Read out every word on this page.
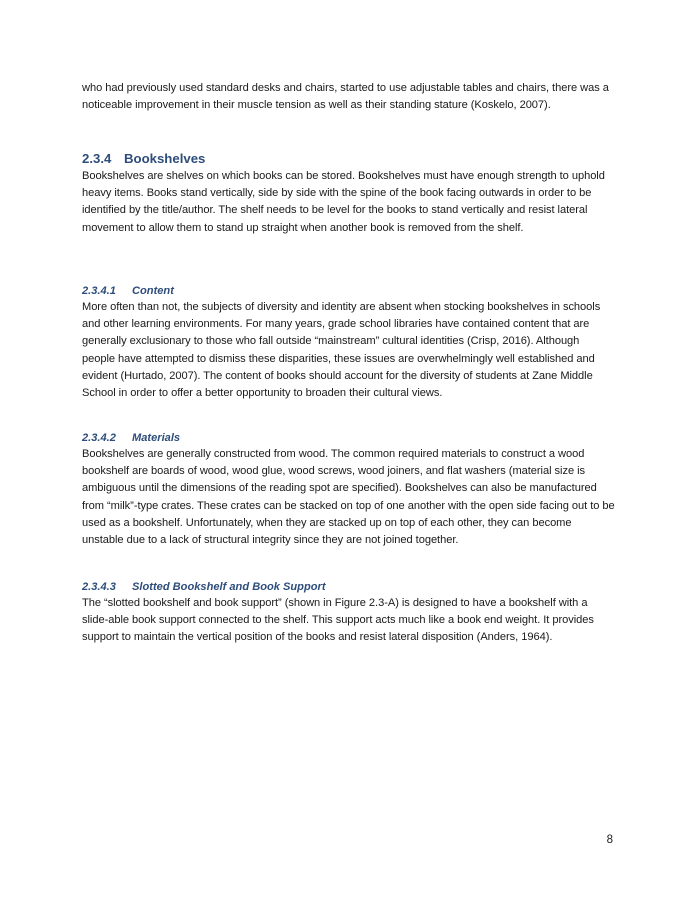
who had previously used standard desks and chairs, started to use adjustable tables and chairs, there was a noticeable improvement in their muscle tension as well as their standing stature (Koskelo, 2007).

2.3.4 Bookshelves

Bookshelves are shelves on which books can be stored. Bookshelves must have enough strength to uphold heavy items. Books stand vertically, side by side with the spine of the book facing outwards in order to be identified by the title/author. The shelf needs to be level for the books to stand vertically and resist lateral movement to allow them to stand up straight when another book is removed from the shelf.

2.3.4.1 Content

More often than not, the subjects of diversity and identity are absent when stocking bookshelves in schools and other learning environments. For many years, grade school libraries have contained content that are generally exclusionary to those who fall outside “mainstream” cultural identities (Crisp, 2016). Although people have attempted to dismiss these disparities, these issues are overwhelmingly well established and evident (Hurtado, 2007). The content of books should account for the diversity of students at Zane Middle School in order to offer a better opportunity to broaden their cultural views.

2.3.4.2 Materials

Bookshelves are generally constructed from wood. The common required materials to construct a wood bookshelf are boards of wood, wood glue, wood screws, wood joiners, and flat washers (material size is ambiguous until the dimensions of the reading spot are specified). Bookshelves can also be manufactured from “milk”-type crates. These crates can be stacked on top of one another with the open side facing out to be used as a bookshelf. Unfortunately, when they are stacked up on top of each other, they can become unstable due to a lack of structural integrity since they are not joined together.

2.3.4.3 Slotted Bookshelf and Book Support

The “slotted bookshelf and book support” (shown in Figure 2.3-A) is designed to have a bookshelf with a slide-able book support connected to the shelf. This support acts much like a book end weight. It provides support to maintain the vertical position of the books and resist lateral disposition (Anders, 1964).

8
